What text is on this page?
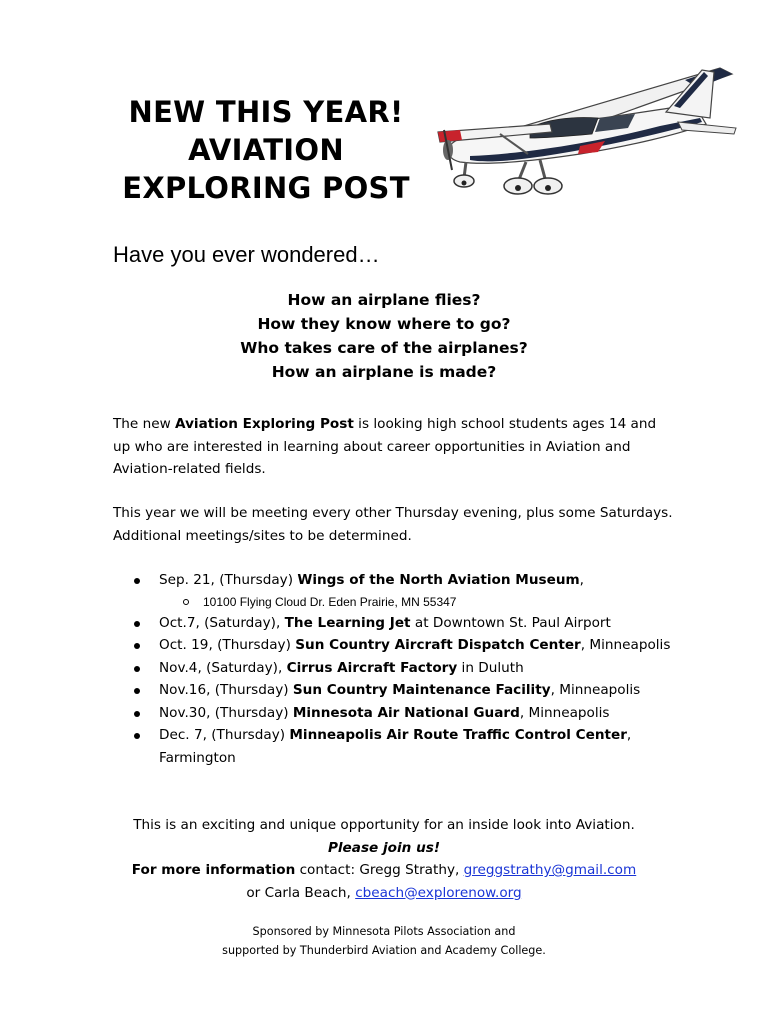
NEW THIS YEAR!
AVIATION
EXPLORING POST
Have you ever wondered…
How an airplane flies?
How they know where to go?
Who takes care of the airplanes?
How an airplane is made?
The new Aviation Exploring Post is looking high school students ages 14 and up who are interested in learning about career opportunities in Aviation and Aviation-related fields.
This year we will be meeting every other Thursday evening, plus some Saturdays. Additional meetings/sites to be determined.
Sep. 21, (Thursday) Wings of the North Aviation Museum,
10100 Flying Cloud Dr. Eden Prairie, MN 55347
Oct.7, (Saturday), The Learning Jet at Downtown St. Paul Airport
Oct. 19, (Thursday) Sun Country Aircraft Dispatch Center, Minneapolis
Nov.4, (Saturday), Cirrus Aircraft Factory in Duluth
Nov.16, (Thursday) Sun Country Maintenance Facility, Minneapolis
Nov.30, (Thursday) Minnesota Air National Guard, Minneapolis
Dec. 7, (Thursday) Minneapolis Air Route Traffic Control Center, Farmington
This is an exciting and unique opportunity for an inside look into Aviation.
Please join us!
For more information contact: Gregg Strathy, greggstrathy@gmail.com
or Carla Beach, cbeach@explorenow.org
Sponsored by Minnesota Pilots Association and
supported by Thunderbird Aviation and Academy College.
